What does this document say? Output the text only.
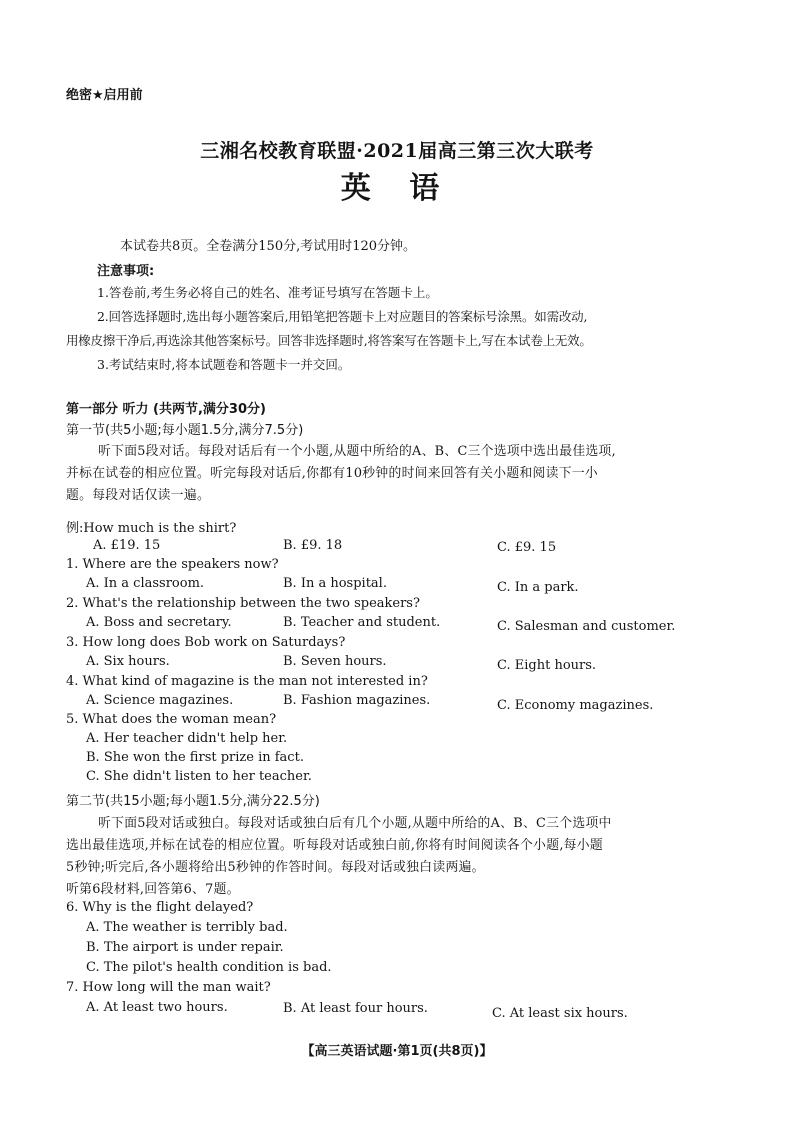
绝密★启用前
三湘名校教育联盟·2021届高三第三次大联考
英 语
本试卷共8页。全卷满分150分,考试用时120分钟。
注意事项:
1.答卷前,考生务必将自己的姓名、准考证号填写在答题卡上。
2.回答选择题时,选出每小题答案后,用铅笔把答题卡上对应题目的答案标号涂黑。如需改动,
用橡皮擦干净后,再选涂其他答案标号。回答非选择题时,将答案写在答题卡上,写在本试卷上无效。
3.考试结束时,将本试题卷和答题卡一并交回。
第一部分 听力 (共两节,满分30分)
第一节(共5小题;每小题1.5分,满分7.5分)
听下面5段对话。每段对话后有一个小题,从题中所给的A、B、C三个选项中选出最佳选项,
并标在试卷的相应位置。听完每段对话后,你都有10秒钟的时间来回答有关小题和阅读下一小
题。每段对话仅读一遍。
例:How much is the shirt?
A. £19. 15	B. £9. 18	C. £9. 15
1. Where are the speakers now?
A. In a classroom.	B. In a hospital.	C. In a park.
2. What's the relationship between the two speakers?
A. Boss and secretary.	B. Teacher and student.	C. Salesman and customer.
3. How long does Bob work on Saturdays?
A. Six hours.	B. Seven hours.	C. Eight hours.
4. What kind of magazine is the man not interested in?
A. Science magazines.	B. Fashion magazines.	C. Economy magazines.
5. What does the woman mean?
A. Her teacher didn't help her.
B. She won the first prize in fact.
C. She didn't listen to her teacher.
第二节(共15小题;每小题1.5分,满分22.5分)
听下面5段对话或独白。每段对话或独白后有几个小题,从题中所给的A、B、C三个选项中
选出最佳选项,并标在试卷的相应位置。听每段对话或独白前,你将有时间阅读各个小题,每小题
5秒钟;听完后,各小题将给出5秒钟的作答时间。每段对话或独白读两遍。
听第6段材料,回答第6、7题。
6. Why is the flight delayed?
A. The weather is terribly bad.
B. The airport is under repair.
C. The pilot's health condition is bad.
7. How long will the man wait?
A. At least two hours.	B. At least four hours.	C. At least six hours.
【高三英语试题·第1页(共8页)】
